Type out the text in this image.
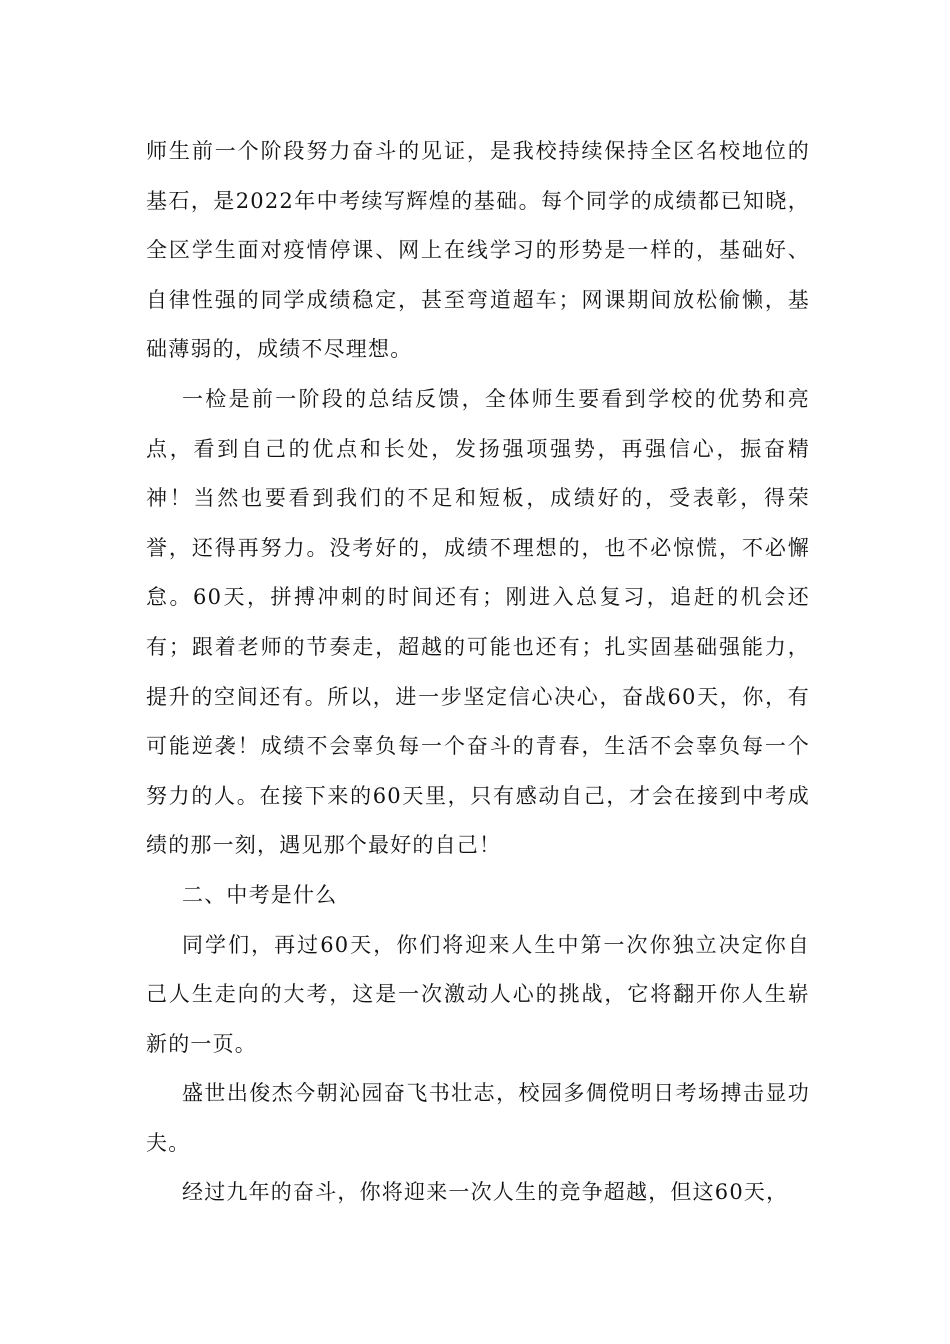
师生前一个阶段努力奋斗的见证，是我校持续保持全区名校地位的基石，是2022年中考续写辉煌的基础。每个同学的成绩都已知晓，全区学生面对疫情停课、网上在线学习的形势是一样的，基础好、自律性强的同学成绩稳定，甚至弯道超车；网课期间放松偷懒，基础薄弱的，成绩不尽理想。

一检是前一阶段的总结反馈，全体师生要看到学校的优势和亮点，看到自己的优点和长处，发扬强项强势，再强信心，振奋精神！当然也要看到我们的不足和短板，成绩好的，受表彰，得荣誉，还得再努力。没考好的，成绩不理想的，也不必惊慌，不必懈怠。60天，拼搏冲刺的时间还有；刚进入总复习，追赶的机会还有；跟着老师的节奏走，超越的可能也还有；扎实固基础强能力，提升的空间还有。所以，进一步坚定信心决心，奋战60天，你，有可能逆袭！成绩不会辜负每一个奋斗的青春，生活不会辜负每一个努力的人。在接下来的60天里，只有感动自己，才会在接到中考成绩的那一刻，遇见那个最好的自己！

二、中考是什么

同学们，再过60天，你们将迎来人生中第一次你独立决定你自己人生走向的大考，这是一次激动人心的挑战，它将翻开你人生崭新的一页。

盛世出俊杰今朝沁园奋飞书壮志，校园多倜傥明日考场搏击显功夫。

经过九年的奋斗，你将迎来一次人生的竞争超越，但这60天，
